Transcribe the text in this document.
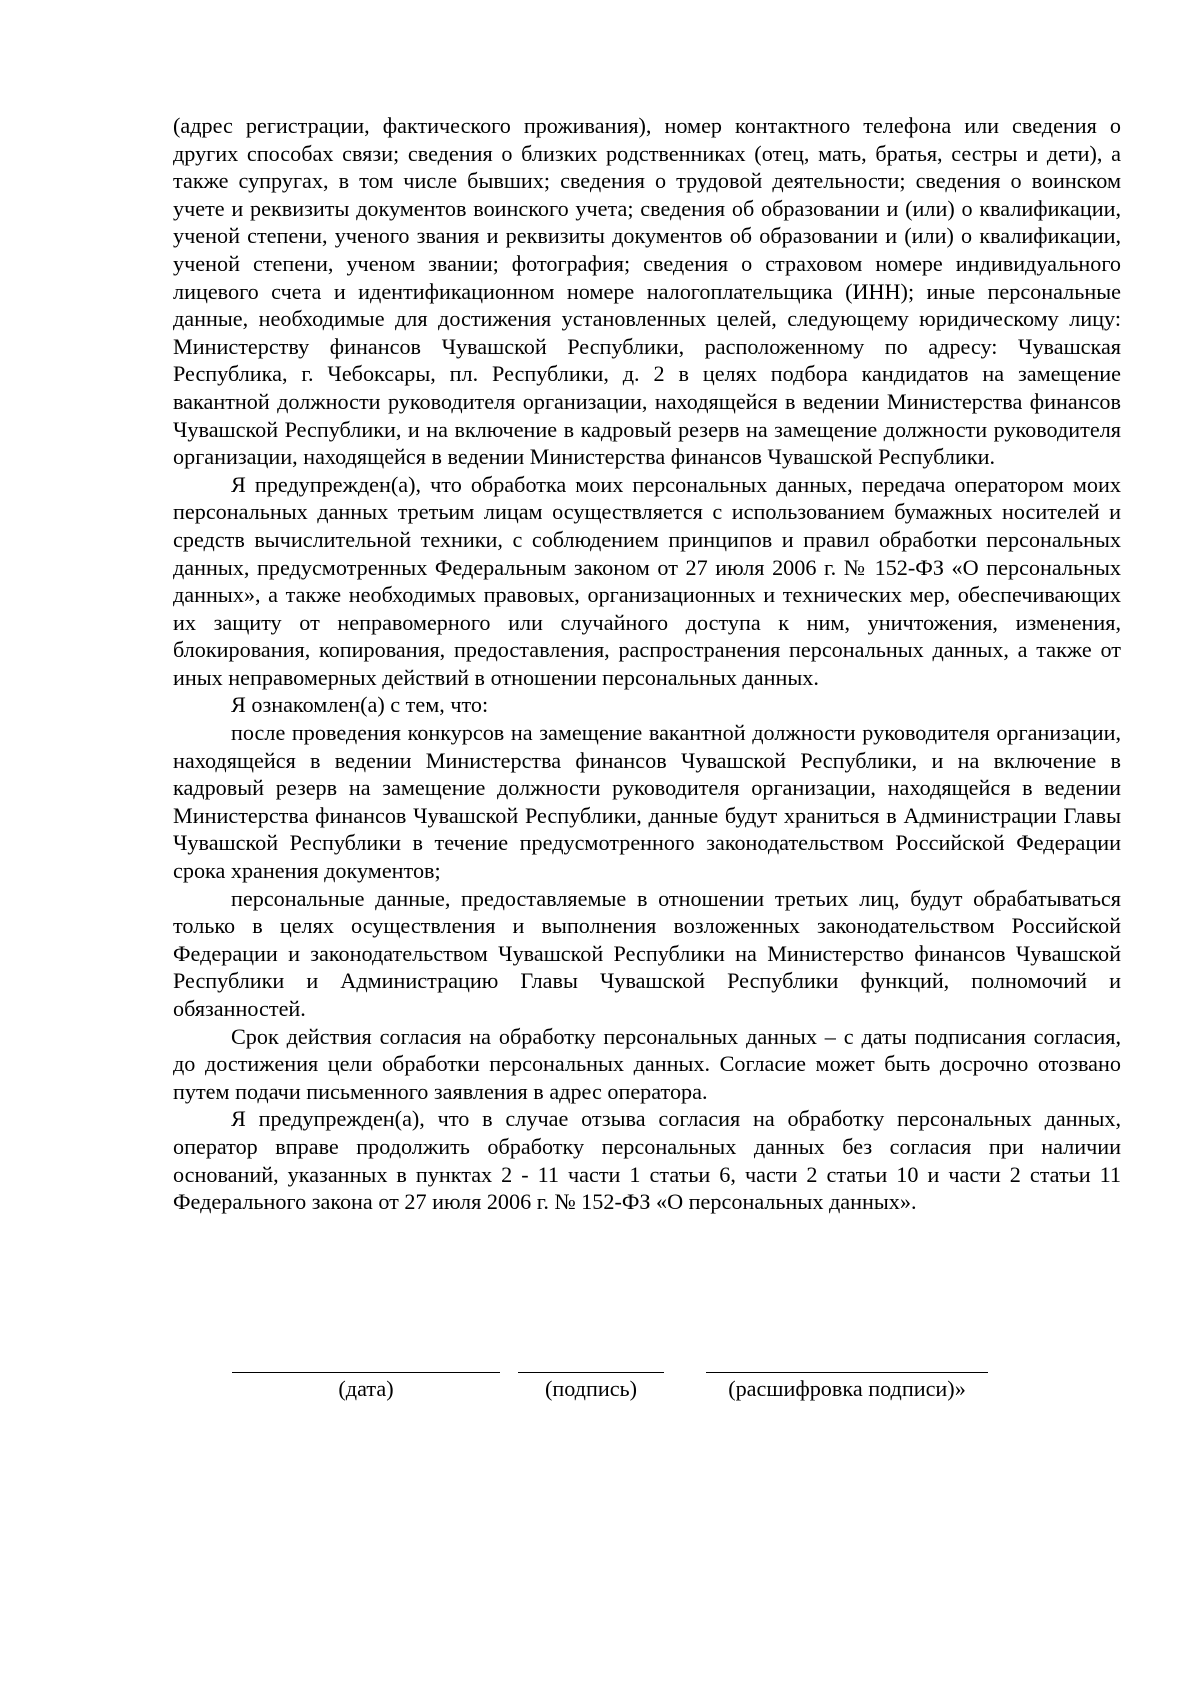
(адрес регистрации, фактического проживания), номер контактного телефона или сведения о других способах связи; сведения о близких родственниках (отец, мать, братья, сестры и дети), а также супругах, в том числе бывших; сведения о трудовой деятельности; сведения о воинском учете и реквизиты документов воинского учета; сведения об образовании и (или) о квалификации, ученой степени, ученого звания и реквизиты документов об образовании и (или) о квалификации, ученой степени, ученом звании; фотография; сведения о страховом номере индивидуального лицевого счета и идентификационном номере налогоплательщика (ИНН); иные персональные данные, необходимые для достижения установленных целей, следующему юридическому лицу: Министерству финансов Чувашской Республики, расположенному по адресу: Чувашская Республика, г. Чебоксары, пл. Республики, д. 2 в целях подбора кандидатов на замещение вакантной должности руководителя организации, находящейся в ведении Министерства финансов Чувашской Республики, и на включение в кадровый резерв на замещение должности руководителя организации, находящейся в ведении Министерства финансов Чувашской Республики.

Я предупрежден(а), что обработка моих персональных данных, передача оператором моих персональных данных третьим лицам осуществляется с использованием бумажных носителей и средств вычислительной техники, с соблюдением принципов и правил обработки персональных данных, предусмотренных Федеральным законом от 27 июля 2006 г. № 152-ФЗ «О персональных данных», а также необходимых правовых, организационных и технических мер, обеспечивающих их защиту от неправомерного или случайного доступа к ним, уничтожения, изменения, блокирования, копирования, предоставления, распространения персональных данных, а также от иных неправомерных действий в отношении персональных данных.

Я ознакомлен(а) с тем, что:

после проведения конкурсов на замещение вакантной должности руководителя организации, находящейся в ведении Министерства финансов Чувашской Республики, и на включение в кадровый резерв на замещение должности руководителя организации, находящейся в ведении Министерства финансов Чувашской Республики, данные будут храниться в Администрации Главы Чувашской Республики в течение предусмотренного законодательством Российской Федерации срока хранения документов;

персональные данные, предоставляемые в отношении третьих лиц, будут обрабатываться только в целях осуществления и выполнения возложенных законодательством Российской Федерации и законодательством Чувашской Республики на Министерство финансов Чувашской Республики и Администрацию Главы Чувашской Республики функций, полномочий и обязанностей.

Срок действия согласия на обработку персональных данных – с даты подписания согласия, до достижения цели обработки персональных данных. Согласие может быть досрочно отозвано путем подачи письменного заявления в адрес оператора.

Я предупрежден(а), что в случае отзыва согласия на обработку персональных данных, оператор вправе продолжить обработку персональных данных без согласия при наличии оснований, указанных в пунктах 2 - 11 части 1 статьи 6, части 2 статьи 10 и части 2 статьи 11 Федерального закона от 27 июля 2006 г. № 152-ФЗ «О персональных данных».

(дата)	(подпись)	(расшифровка подписи)»
